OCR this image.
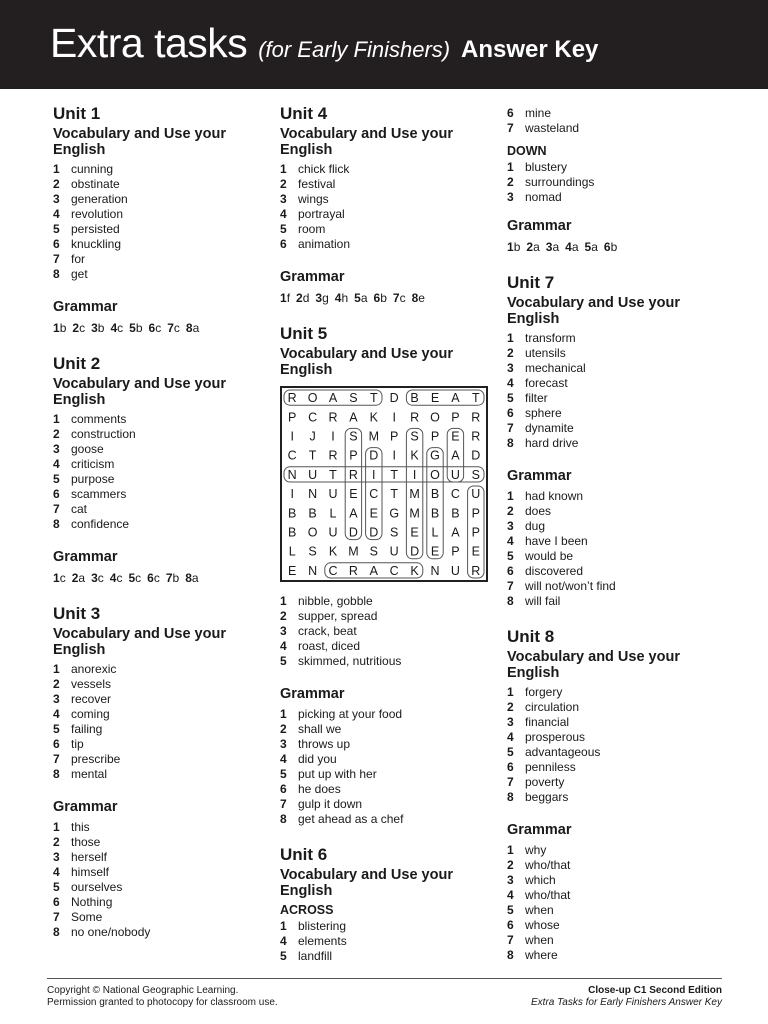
Extra tasks (for Early Finishers) Answer Key
Unit 1
Vocabulary and Use your English
1 cunning
2 obstinate
3 generation
4 revolution
5 persisted
6 knuckling
7 for
8 get
Grammar
1b 2c 3b 4c 5b 6c 7c 8a
Unit 2
Vocabulary and Use your English
1 comments
2 construction
3 goose
4 criticism
5 purpose
6 scammers
7 cat
8 confidence
Grammar
1c 2a 3c 4c 5c 6c 7b 8a
Unit 3
Vocabulary and Use your English
1 anorexic
2 vessels
3 recover
4 coming
5 failing
6 tip
7 prescribe
8 mental
Grammar
1 this
2 those
3 herself
4 himself
5 ourselves
6 Nothing
7 Some
8 no one/nobody
Unit 4
Vocabulary and Use your English
1 chick flick
2 festival
3 wings
4 portrayal
5 room
6 animation
Grammar
1f 2d 3g 4h 5a 6b 7c 8e
Unit 5
Vocabulary and Use your English
R O A S T D B E A T
P C R A K I R O P R
I J I S M P S P E R
C T R P D I K G A D
N U T R I T I O U S
I N U E C T M B C U
B B L A E G M B B P
B O U D D S E L A P
L S K M S U D E P E
E N C R A C K N U R
1 nibble, gobble
2 supper, spread
3 crack, beat
4 roast, diced
5 skimmed, nutritious
Grammar
1 picking at your food
2 shall we
3 throws up
4 did you
5 put up with her
6 he does
7 gulp it down
8 get ahead as a chef
Unit 6
Vocabulary and Use your English
ACROSS
1 blistering
4 elements
5 landfill
6 mine
7 wasteland
DOWN
1 blustery
2 surroundings
3 nomad
Grammar
1b 2a 3a 4a 5a 6b
Unit 7
Vocabulary and Use your English
1 transform
2 utensils
3 mechanical
4 forecast
5 filter
6 sphere
7 dynamite
8 hard drive
Grammar
1 had known
2 does
3 dug
4 have I been
5 would be
6 discovered
7 will not/won’t find
8 will fail
Unit 8
Vocabulary and Use your English
1 forgery
2 circulation
3 financial
4 prosperous
5 advantageous
6 penniless
7 poverty
8 beggars
Grammar
1 why
2 who/that
3 which
4 who/that
5 when
6 whose
7 when
8 where
Copyright © National Geographic Learning.
Permission granted to photocopy for classroom use.
Close-up C1 Second Edition
Extra Tasks for Early Finishers Answer Key
